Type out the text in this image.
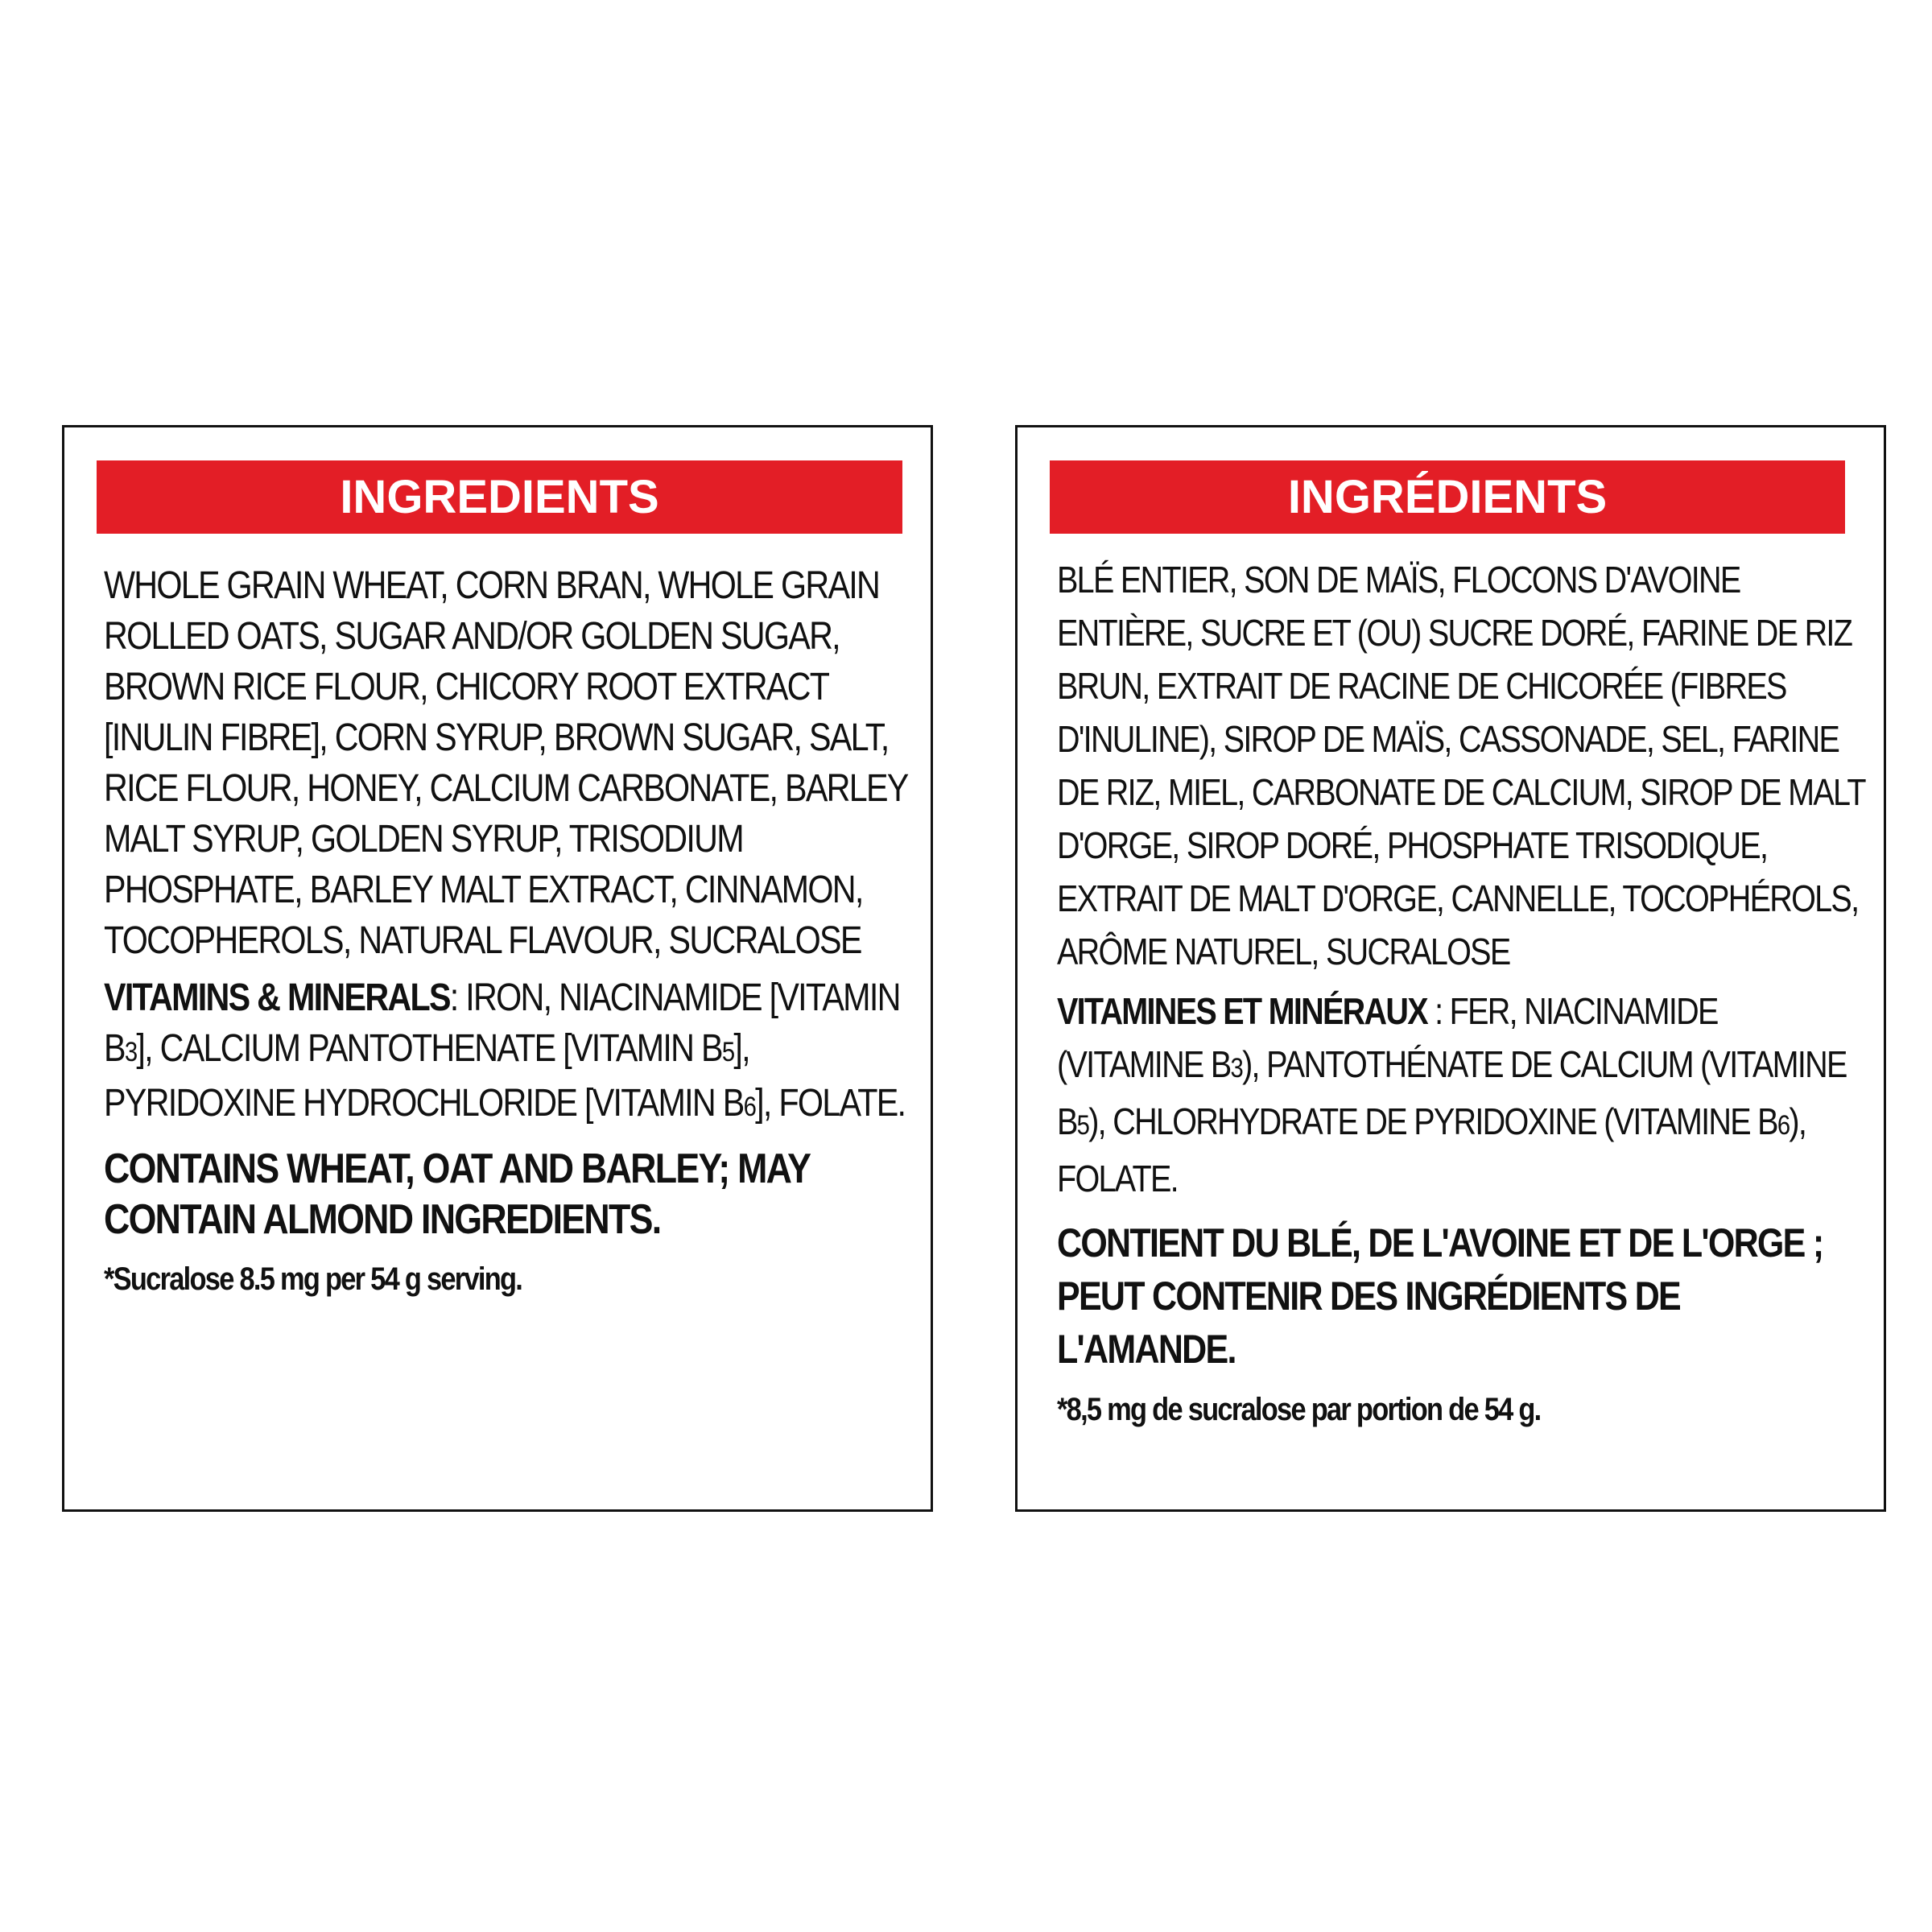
INGREDIENTS

WHOLE GRAIN WHEAT, CORN BRAN, WHOLE GRAIN ROLLED OATS, SUGAR AND/OR GOLDEN SUGAR, BROWN RICE FLOUR, CHICORY ROOT EXTRACT [INULIN FIBRE], CORN SYRUP, BROWN SUGAR, SALT, RICE FLOUR, HONEY, CALCIUM CARBONATE, BARLEY MALT SYRUP, GOLDEN SYRUP, TRISODIUM PHOSPHATE, BARLEY MALT EXTRACT, CINNAMON, TOCOPHEROLS, NATURAL FLAVOUR, SUCRALOSE

VITAMINS & MINERALS: IRON, NIACINAMIDE [VITAMIN B3], CALCIUM PANTOTHENATE [VITAMIN B5], PYRIDOXINE HYDROCHLORIDE [VITAMIN B6], FOLATE.

CONTAINS WHEAT, OAT AND BARLEY; MAY CONTAIN ALMOND INGREDIENTS.

*Sucralose 8.5 mg per 54 g serving.

INGRÉDIENTS

BLÉ ENTIER, SON DE MAÏS, FLOCONS D'AVOINE ENTIÈRE, SUCRE ET (OU) SUCRE DORÉ, FARINE DE RIZ BRUN, EXTRAIT DE RACINE DE CHICORÉE (FIBRES D'INULINE), SIROP DE MAÏS, CASSONADE, SEL, FARINE DE RIZ, MIEL, CARBONATE DE CALCIUM, SIROP DE MALT D'ORGE, SIROP DORÉ, PHOSPHATE TRISODIQUE, EXTRAIT DE MALT D'ORGE, CANNELLE, TOCOPHÉROLS, ARÔME NATUREL, SUCRALOSE

VITAMINES ET MINÉRAUX : FER, NIACINAMIDE (VITAMINE B3), PANTOTHÉNATE DE CALCIUM (VITAMINE B5), CHLORHYDRATE DE PYRIDOXINE (VITAMINE B6), FOLATE.

CONTIENT DU BLÉ, DE L'AVOINE ET DE L'ORGE ; PEUT CONTENIR DES INGRÉDIENTS DE L'AMANDE.

*8,5 mg de sucralose par portion de 54 g.
